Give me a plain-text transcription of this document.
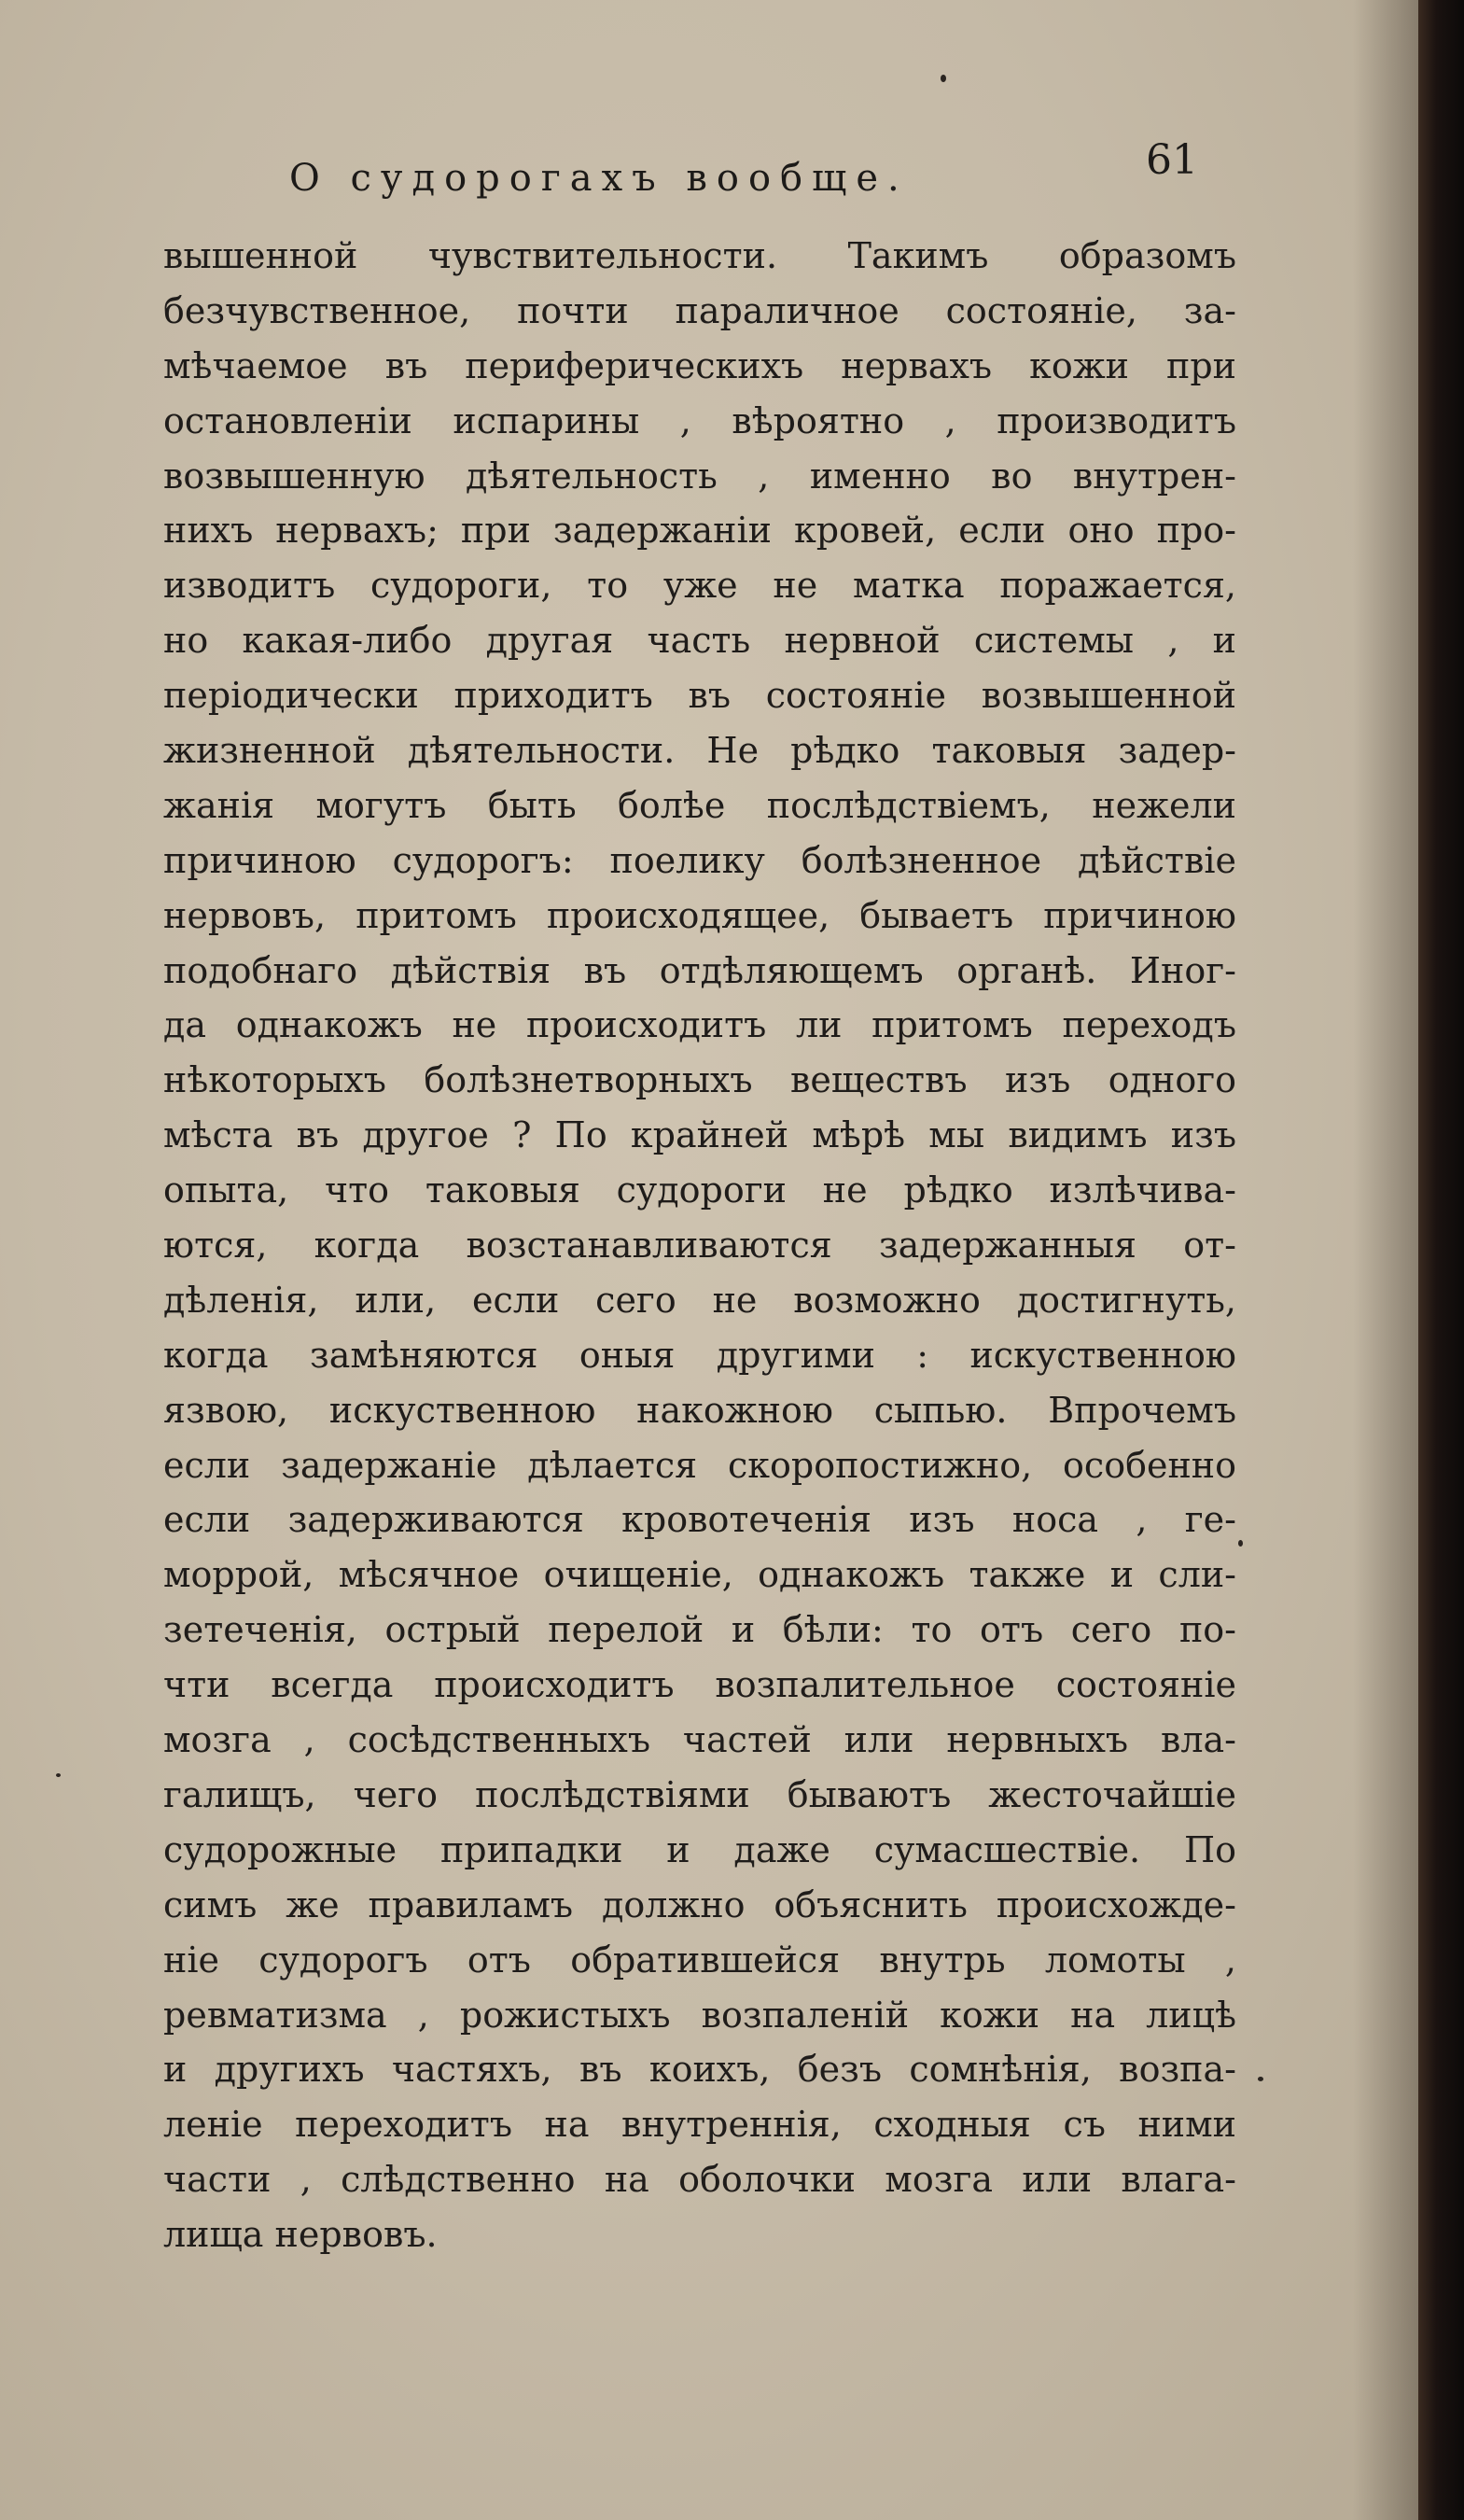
О судорогахъ вообще.	61
вышенной чувствительности. Такимъ образомъ
безчувственное, почти параличное состояніе, за-
мѣчаемое въ периферическихъ нервахъ кожи при
остановленіи испарины , вѣроятно , производитъ
возвышенную дѣятельность , именно во внутрен-
нихъ нервахъ; при задержаніи кровей, если оно про-
изводитъ судороги, то уже не матка поражается,
но какая-либо другая часть нервной системы , и
періодически приходитъ въ состояніе возвышенной
жизненной дѣятельности. Не рѣдко таковыя задер-
жанія могутъ быть болѣе послѣдствіемъ, нежели
причиною судорогъ: поелику болѣзненное дѣйствіе
нервовъ, притомъ происходящее, бываетъ причиною
подобнаго дѣйствія въ отдѣляющемъ органѣ. Иног-
да однакожъ не происходитъ ли притомъ переходъ
нѣкоторыхъ болѣзнетворныхъ веществъ изъ одного
мѣста въ другое ? По крайней мѣрѣ мы видимъ изъ
опыта, что таковыя судороги не рѣдко излѣчива-
ются, когда возстанавливаются задержанныя от-
дѣленія, или, если сего не возможно достигнуть,
когда замѣняются оныя другими : искуственною
язвою, искуственною накожною сыпью. Впрочемъ
если задержаніе дѣлается скоропостижно, особенно
если задерживаются кровотеченія изъ носа , ге-
моррой, мѣсячное очищеніе, однакожъ также и сли-
зетеченія, острый перелой и бѣли: то отъ сего по-
чти всегда происходитъ возпалительное состояніе
мозга , сосѣдственныхъ частей или нервныхъ влa-
галищъ, чего послѣдствіями бываютъ жесточайшіе
судорожные припадки и даже сумасшествіе. По
симъ же правиламъ должно объяснить происхожде-
ніе судорогъ отъ обратившейся внутрь ломоты ,
ревматизма , рожистыхъ возпаленій кожи на лицѣ
и другихъ частяхъ, въ коихъ, безъ сомнѣнія, возпа-
леніе переходитъ на внутреннія, сходныя съ ними
части , слѣдственно на оболочки мозга или влага-
лища нервовъ.
